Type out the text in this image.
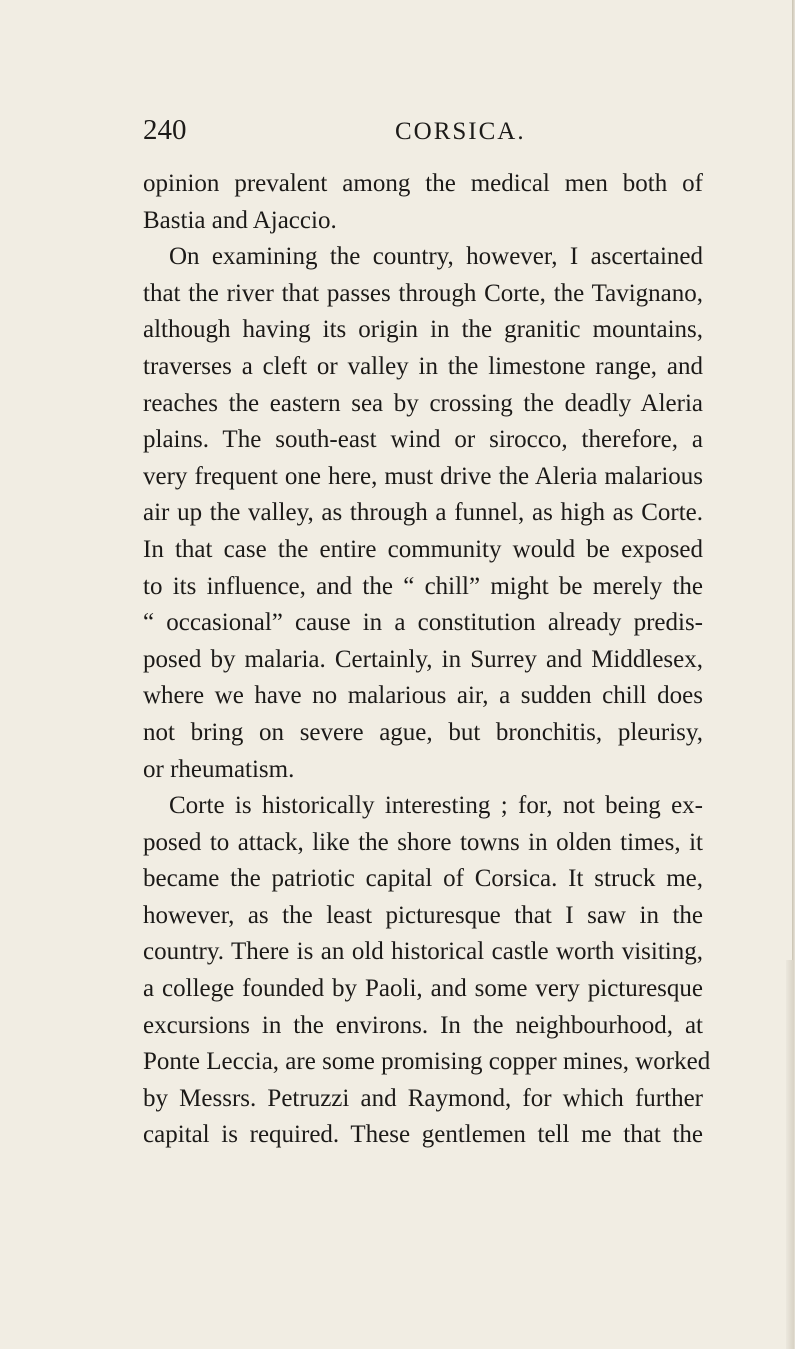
240	CORSICA.
opinion prevalent among the medical men both of
Bastia and Ajaccio.
On examining the country, however, I ascertained
that the river that passes through Corte, the Tavignano,
although having its origin in the granitic mountains,
traverses a cleft or valley in the limestone range, and
reaches the eastern sea by crossing the deadly Aleria
plains. The south-east wind or sirocco, therefore, a
very frequent one here, must drive the Aleria malarious
air up the valley, as through a funnel, as high as Corte.
In that case the entire community would be exposed
to its influence, and the “ chill” might be merely the
“ occasional” cause in a constitution already predis-
posed by malaria. Certainly, in Surrey and Middlesex,
where we have no malarious air, a sudden chill does
not bring on severe ague, but bronchitis, pleurisy,
or rheumatism.
Corte is historically interesting ; for, not being ex-
posed to attack, like the shore towns in olden times, it
became the patriotic capital of Corsica. It struck me,
however, as the least picturesque that I saw in the
country. There is an old historical castle worth visiting,
a college founded by Paoli, and some very picturesque
excursions in the environs. In the neighbourhood, at
Ponte Leccia, are some promising copper mines, worked
by Messrs. Petruzzi and Raymond, for which further
capital is required. These gentlemen tell me that the
